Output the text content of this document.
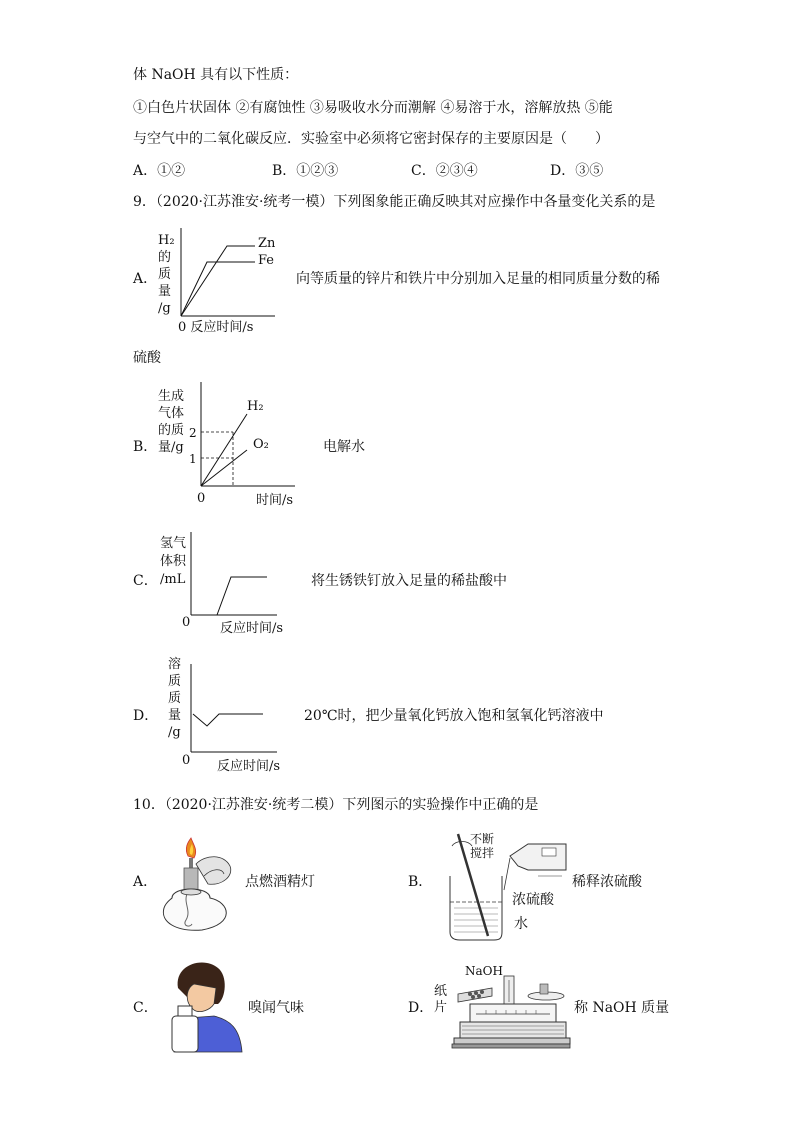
体 NaOH 具有以下性质：
①白色片状固体 ②有腐蚀性 ③易吸收水分而潮解 ④易溶于水，溶解放热 ⑤能
与空气中的二氧化碳反应．实验室中必须将它密封保存的主要原因是（　　）
A．①②	B．①②③	C．②③④	D．③⑤
9．（2020·江苏淮安·统考一模）下列图象能正确反映其对应操作中各量变化关系的是
A．
H₂
的
质
量
/g
Zn
Fe
0 反应时间/s
向等质量的锌片和铁片中分别加入足量的相同质量分数的稀
硫酸
B．
生成
气体
的质
量/g
2
1
H₂
O₂
0	时间/s
电解水
C．
氢气
体积
/mL
0 反应时间/s
将生锈铁钉放入足量的稀盐酸中
D．
溶
质
质
量
/g
0 反应时间/s
20℃时，把少量氧化钙放入饱和氢氧化钙溶液中
10．（2020·江苏淮安·统考二模）下列图示的实验操作中正确的是
A．	点燃酒精灯	B．
不断
搅拌
浓硫酸
水
稀释浓硫酸
C．	嗅闻气味	D．
NaOH
纸
片	称 NaOH 质量
